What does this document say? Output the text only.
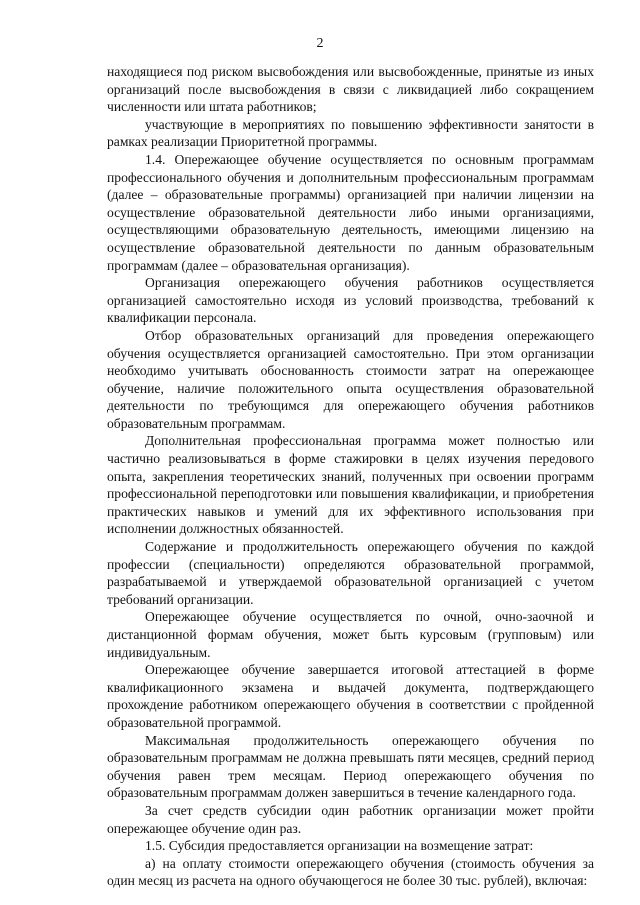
2

находящиеся под риском высвобождения или высвобожденные, принятые из иных организаций после высвобождения в связи с ликвидацией либо сокращением численности или штата работников;

участвующие в мероприятиях по повышению эффективности занятости в рамках реализации Приоритетной программы.

1.4. Опережающее обучение осуществляется по основным программам профессионального обучения и дополнительным профессиональным программам (далее – образовательные программы) организацией при наличии лицензии на осуществление образовательной деятельности либо иными организациями, осуществляющими образовательную деятельность, имеющими лицензию на осуществление образовательной деятельности по данным образовательным программам (далее – образовательная организация).

Организация опережающего обучения работников осуществляется организацией самостоятельно исходя из условий производства, требований к квалификации персонала.

Отбор образовательных организаций для проведения опережающего обучения осуществляется организацией самостоятельно. При этом организации необходимо учитывать обоснованность стоимости затрат на опережающее обучение, наличие положительного опыта осуществления образовательной деятельности по требующимся для опережающего обучения работников образовательным программам.

Дополнительная профессиональная программа может полностью или частично реализовываться в форме стажировки в целях изучения передового опыта, закрепления теоретических знаний, полученных при освоении программ профессиональной переподготовки или повышения квалификации, и приобретения практических навыков и умений для их эффективного использования при исполнении должностных обязанностей.

Содержание и продолжительность опережающего обучения по каждой профессии (специальности) определяются образовательной программой, разрабатываемой и утверждаемой образовательной организацией с учетом требований организации.

Опережающее обучение осуществляется по очной, очно-заочной и дистанционной формам обучения, может быть курсовым (групповым) или индивидуальным.

Опережающее обучение завершается итоговой аттестацией в форме квалификационного экзамена и выдачей документа, подтверждающего прохождение работником опережающего обучения в соответствии с пройденной образовательной программой.

Максимальная продолжительность опережающего обучения по образовательным программам не должна превышать пяти месяцев, средний период обучения равен трем месяцам. Период опережающего обучения по образовательным программам должен завершиться в течение календарного года.

За счет средств субсидии один работник организации может пройти опережающее обучение один раз.

1.5. Субсидия предоставляется организации на возмещение затрат:

а) на оплату стоимости опережающего обучения (стоимость обучения за один месяц из расчета на одного обучающегося не более 30 тыс. рублей), включая:
